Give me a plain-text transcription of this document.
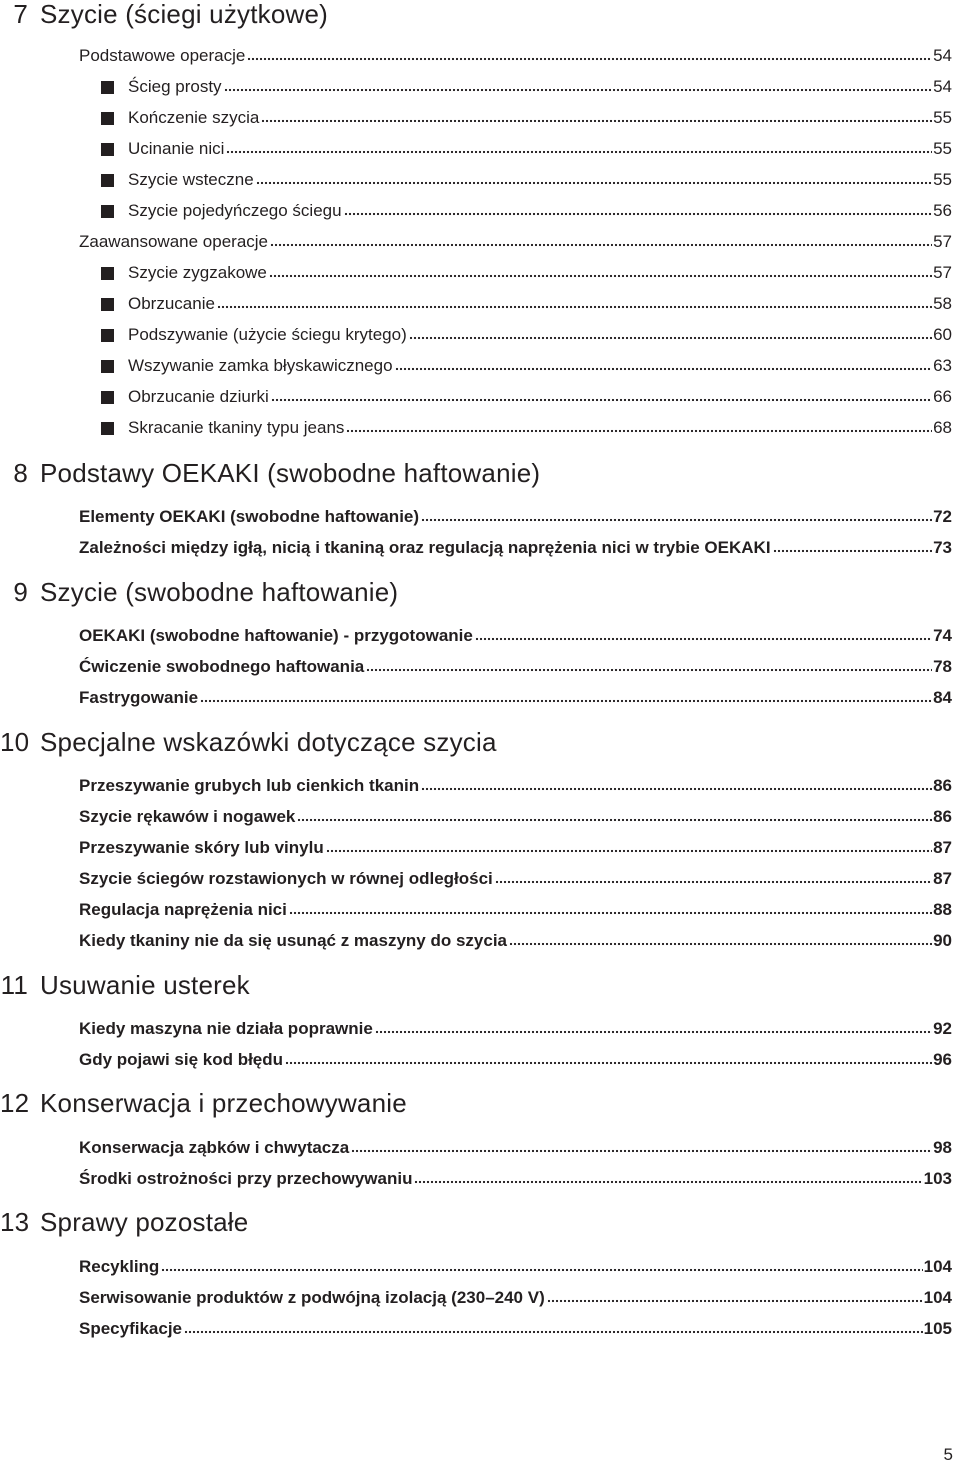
7 Szycie (ściegi użytkowe)
Podstawowe operacje	54
Ścieg prosty	54
Kończenie szycia	55
Ucinanie nici	55
Szycie wsteczne	55
Szycie pojedyńczego ściegu	56
Zaawansowane operacje	57
Szycie zygzakowe	57
Obrzucanie	58
Podszywanie (użycie ściegu krytego)	60
Wszywanie zamka błyskawicznego	63
Obrzucanie dziurki	66
Skracanie tkaniny typu jeans	68
8 Podstawy OEKAKI (swobodne haftowanie)
Elementy OEKAKI (swobodne haftowanie)	72
Zależności między igłą, nicią i tkaniną oraz regulacją naprężenia nici w trybie OEKAKI	73
9 Szycie (swobodne haftowanie)
OEKAKI (swobodne haftowanie) - przygotowanie	74
Ćwiczenie swobodnego haftowania	78
Fastrygowanie	84
10 Specjalne wskazówki dotyczące szycia
Przeszywanie grubych lub cienkich tkanin	86
Szycie rękawów i nogawek	86
Przeszywanie skóry lub vinylu	87
Szycie ściegów rozstawionych w równej odległości	87
Regulacja naprężenia nici	88
Kiedy tkaniny nie da się usunąć z maszyny do szycia	90
11 Usuwanie usterek
Kiedy maszyna nie działa poprawnie	92
Gdy pojawi się kod błędu	96
12 Konserwacja i przechowywanie
Konserwacja ząbków i chwytacza	98
Środki ostrożności przy przechowywaniu	103
13 Sprawy pozostałe
Recykling	104
Serwisowanie produktów z podwójną izolacją (230–240 V)	104
Specyfikacje	105
5
